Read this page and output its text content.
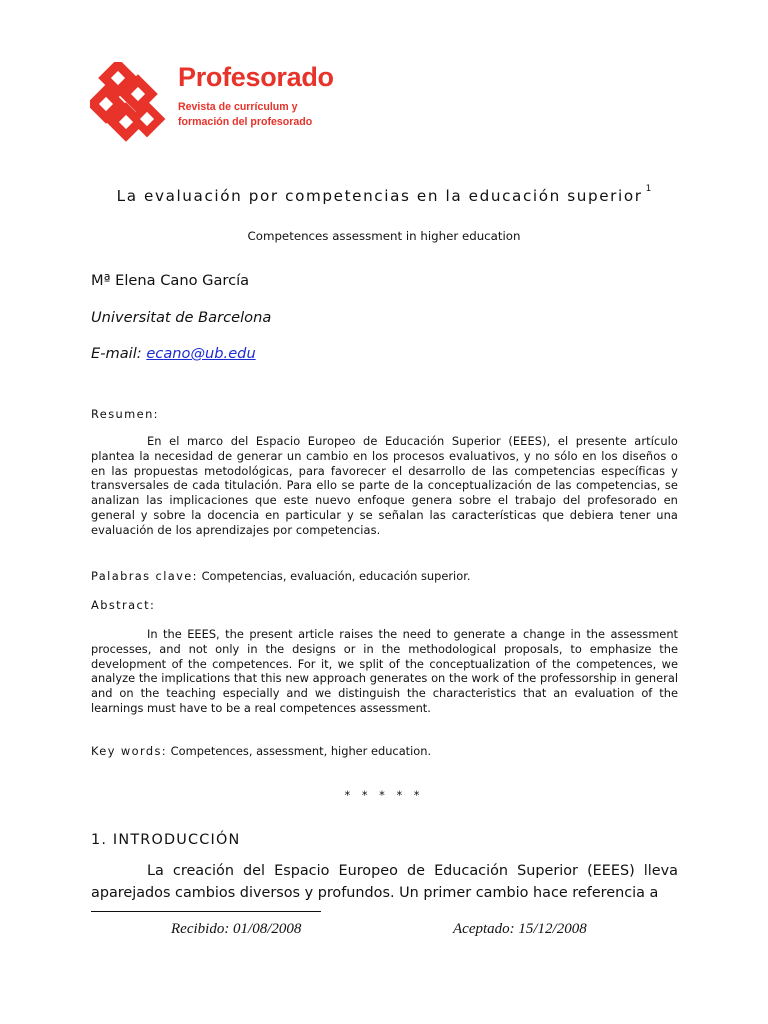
Profesorado
Revista de currículum y
formación del profesorado
La evaluación por competencias en la educación superior $^1$
Competences assessment in higher education
Mª Elena Cano García
Universitat de Barcelona
E-mail: ecano@ub.edu
Resumen:
En el marco del Espacio Europeo de Educación Superior (EEES), el presente artículo plantea la necesidad de generar un cambio en los procesos evaluativos, y no sólo en los diseños o en las propuestas metodológicas, para favorecer el desarrollo de las competencias específicas y transversales de cada titulación. Para ello se parte de la conceptualización de las competencias, se analizan las implicaciones que este nuevo enfoque genera sobre el trabajo del profesorado en general y sobre la docencia en particular y se señalan las características que debiera tener una evaluación de los aprendizajes por competencias.
Palabras clave: Competencias, evaluación, educación superior.
Abstract:
In the EEES, the present article raises the need to generate a change in the assessment processes, and not only in the designs or in the methodological proposals, to emphasize the development of the competences. For it, we split of the conceptualization of the competences, we analyze the implications that this new approach generates on the work of the professorship in general and on the teaching especially and we distinguish the characteristics that an evaluation of the learnings must have to be a real competences assessment.
Key words: Competences, assessment, higher education.
* * * * *
1. INTRODUCCIÓN
La creación del Espacio Europeo de Educación Superior (EEES) lleva aparejados cambios diversos y profundos. Un primer cambio hace referencia a
Recibido: 01/08/2008	Aceptado: 15/12/2008
